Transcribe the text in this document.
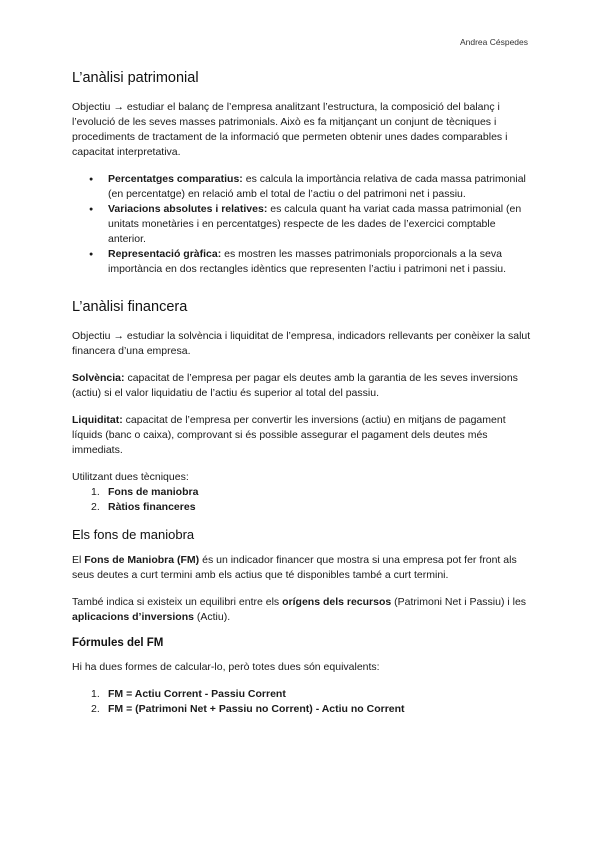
Andrea Céspedes
L’anàlisi patrimonial

Objectiu → estudiar el balanç de l’empresa analitzant l’estructura, la composició del balanç i l’evolució de les seves masses patrimonials. Això es fa mitjançant un conjunt de tècniques i procediments de tractament de la informació que permeten obtenir unes dades comparables i capacitat interpretativa.

● Percentatges comparatius: es calcula la importància relativa de cada massa patrimonial (en percentatge) en relació amb el total de l’actiu o del patrimoni net i passiu.
● Variacions absolutes i relatives: es calcula quant ha variat cada massa patrimonial (en unitats monetàries i en percentatges) respecte de les dades de l’exercici comptable anterior.
● Representació gràfica: es mostren les masses patrimonials proporcionals a la seva importància en dos rectangles idèntics que representen l’actiu i patrimoni net i passiu.
L’anàlisi financera

Objectiu → estudiar la solvència i liquiditat de l’empresa, indicadors rellevants per conèixer la salut financera d’una empresa.

Solvència: capacitat de l’empresa per pagar els deutes amb la garantia de les seves inversions (actiu) si el valor liquidatiu de l’actiu és superior al total del passiu.

Liquiditat: capacitat de l’empresa per convertir les inversions (actiu) en mitjans de pagament líquids (banc o caixa), comprovant si és possible assegurar el pagament dels deutes més immediats.

Utilitzant dues tècniques:

1. Fons de maniobra
2. Ràtios financeres
Els fons de maniobra

El Fons de Maniobra (FM) és un indicador financer que mostra si una empresa pot fer front als seus deutes a curt termini amb els actius que té disponibles també a curt termini.

També indica si existeix un equilibri entre els orígens dels recursos (Patrimoni Net i Passiu) i les aplicacions d’inversions (Actiu).

Fórmules del FM

Hi ha dues formes de calcular-lo, però totes dues són equivalents:

1. FM = Actiu Corrent - Passiu Corrent
2. FM = (Patrimoni Net + Passiu no Corrent) - Actiu no Corrent
